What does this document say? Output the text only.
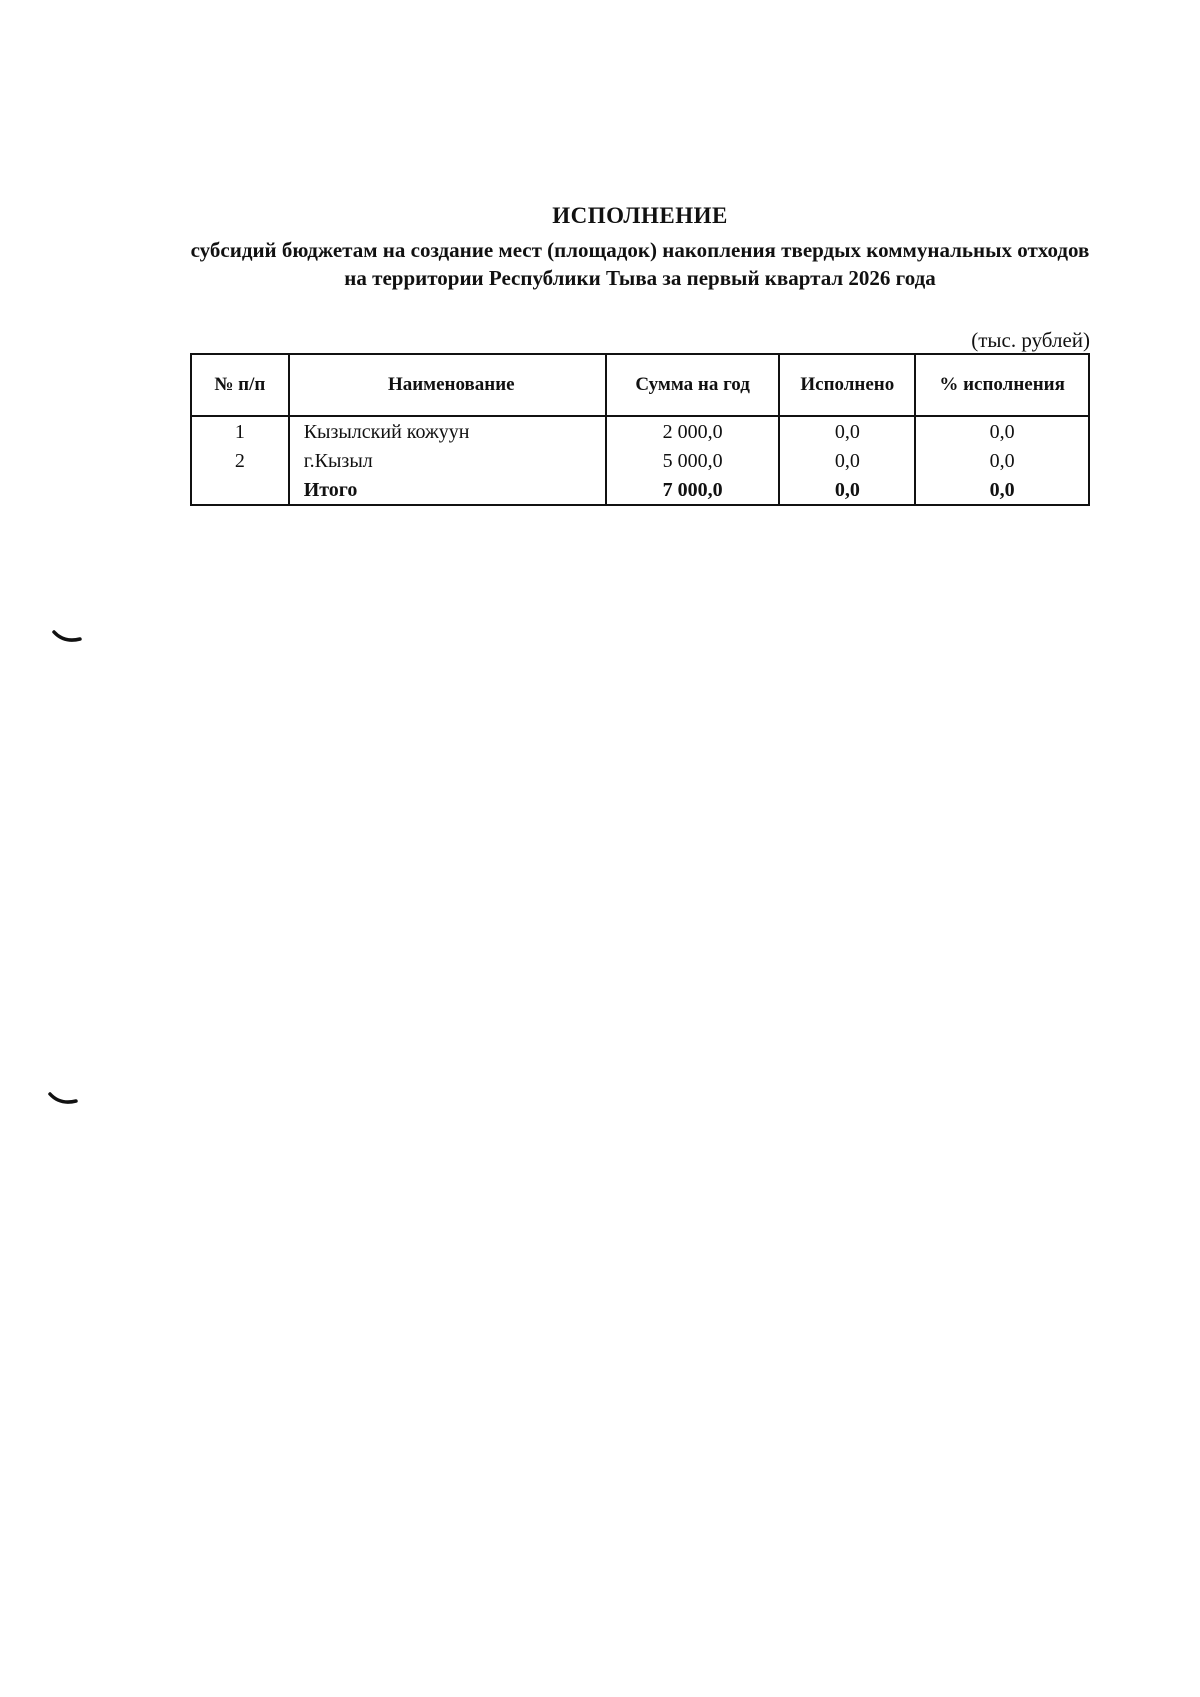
ИСПОЛНЕНИЕ
субсидий бюджетам на создание мест (площадок) накопления твердых коммунальных отходов на территории Республики Тыва за первый квартал 2026 года
(тыс. рублей)
№ п/п	Наименование	Сумма на год	Исполнено	% исполнения
1	Кызылский кожуун	2 000,0	0,0	0,0
2	г.Кызыл	5 000,0	0,0	0,0
	Итого	7 000,0	0,0	0,0
